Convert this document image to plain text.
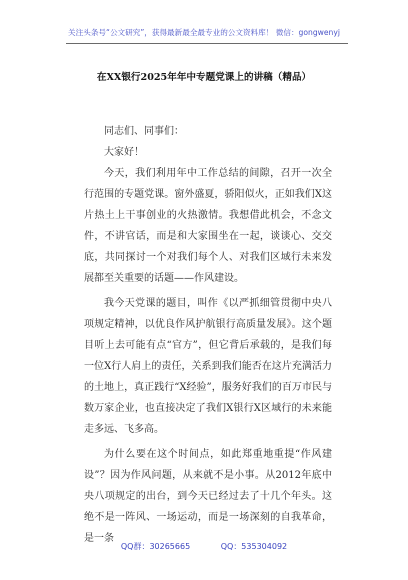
关注头条号“公文研究”，获得最新最全最专业的公文资料库！ 微信：gongwenyj
在XX银行2025年年中专题党课上的讲稿（精品）

同志们、同事们：

大家好！

今天，我们利用年中工作总结的间隙，召开一次全行范围的专题党课。窗外盛夏，骄阳似火，正如我们X这片热土上干事创业的火热激情。我想借此机会，不念文件，不讲官话，而是和大家围坐在一起，谈谈心、交交底，共同探讨一个对我们每个人、对我们区域行未来发展都至关重要的话题——作风建设。

我今天党课的题目，叫作《以严抓细管贯彻中央八项规定精神，以优良作风护航银行高质量发展》。这个题目听上去可能有点“官方”，但它背后承载的，是我们每一位X行人肩上的责任，关系到我们能否在这片充满活力的土地上，真正践行“X经验”，服务好我们的百万市民与数万家企业，也直接决定了我们X银行X区域行的未来能走多远、飞多高。

为什么要在这个时间点，如此郑重地重提“作风建设”？因为作风问题，从来就不是小事。从2012年底中央八项规定的出台，到今天已经过去了十几个年头。这绝不是一阵风、一场运动，而是一场深刻的自我革命，是一条

QQ群：30265665	QQ：535304092
